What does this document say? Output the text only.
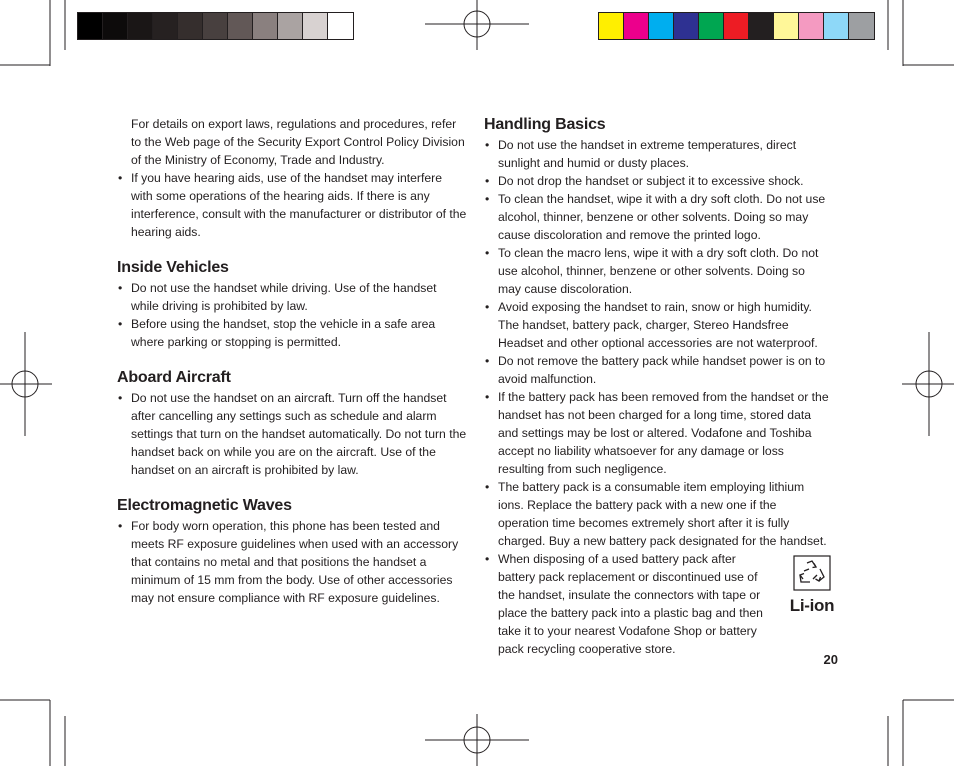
For details on export laws, regulations and procedures, refer to the Web page of the Security Export Control Policy Division of the Ministry of Economy, Trade and Industry.

• If you have hearing aids, use of the handset may interfere with some operations of the hearing aids. If there is any interference, consult with the manufacturer or distributor of the hearing aids.
Inside Vehicles
• Do not use the handset while driving. Use of the handset while driving is prohibited by law.
• Before using the handset, stop the vehicle in a safe area where parking or stopping is permitted.
Aboard Aircraft
• Do not use the handset on an aircraft. Turn off the handset after cancelling any settings such as schedule and alarm settings that turn on the handset automatically. Do not turn the handset back on while you are on the aircraft. Use of the handset on an aircraft is prohibited by law.
Electromagnetic Waves
• For body worn operation, this phone has been tested and meets RF exposure guidelines when used with an accessory that contains no metal and that positions the handset a minimum of 15 mm from the body. Use of other accessories may not ensure compliance with RF exposure guidelines.
Handling Basics
• Do not use the handset in extreme temperatures, direct sunlight and humid or dusty places.
• Do not drop the handset or subject it to excessive shock.
• To clean the handset, wipe it with a dry soft cloth. Do not use alcohol, thinner, benzene or other solvents. Doing so may cause discoloration and remove the printed logo.
• To clean the macro lens, wipe it with a dry soft cloth. Do not use alcohol, thinner, benzene or other solvents. Doing so may cause discoloration.
• Avoid exposing the handset to rain, snow or high humidity. The handset, battery pack, charger, Stereo Handsfree Headset and other optional accessories are not waterproof.
• Do not remove the battery pack while handset power is on to avoid malfunction.
• If the battery pack has been removed from the handset or the handset has not been charged for a long time, stored data and settings may be lost or altered. Vodafone and Toshiba accept no liability whatsoever for any damage or loss resulting from such negligence.
• The battery pack is a consumable item employing lithium ions. Replace the battery pack with a new one if the operation time becomes extremely short after it is fully charged. Buy a new battery pack designated for the handset.
• When disposing of a used battery pack after battery pack replacement or discontinued use of the handset, insulate the connectors with tape or place the battery pack into a plastic bag and then take it to your nearest Vodafone Shop or battery pack recycling cooperative store.
Li-ion
20
